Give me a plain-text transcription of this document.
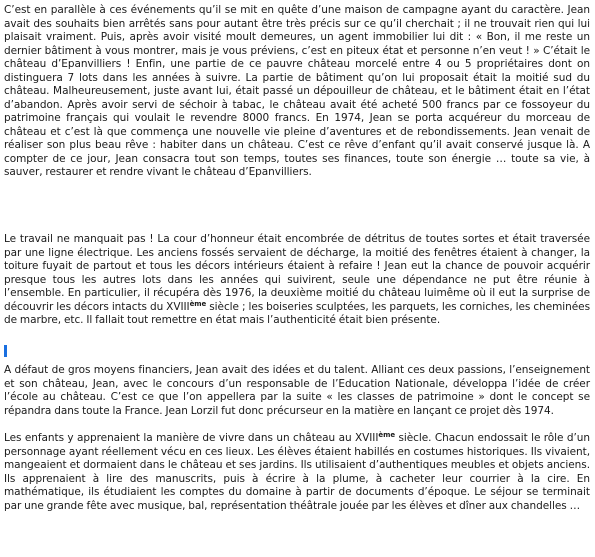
C’est en parallèle à ces événements qu’il se mit en quête d’une maison de campagne ayant du caractère. Jean avait des souhaits bien arrêtés sans pour autant être très précis sur ce qu’il cherchait ; il ne trouvait rien qui lui plaisait vraiment. Puis, après avoir visité moult demeures, un agent immobilier lui dit : « Bon, il me reste un dernier bâtiment à vous montrer, mais je vous préviens, c’est en piteux état et personne n’en veut ! » C’était le château d’Epanvilliers ! Enfin, une partie de ce pauvre château morcelé entre 4 ou 5 propriétaires dont on distinguera 7 lots dans les années à suivre. La partie de bâtiment qu’on lui proposait était la moitié sud du château. Malheureusement, juste avant lui, était passé un dépouilleur de château, et le bâtiment était en l’état d’abandon. Après avoir servi de séchoir à tabac, le château avait été acheté 500 francs par ce fossoyeur du patrimoine français qui voulait le revendre 8000 francs. En 1974, Jean se porta acquéreur du morceau de château et c’est là que commença une nouvelle vie pleine d’aventures et de rebondissements. Jean venait de réaliser son plus beau rêve : habiter dans un château. C’est ce rêve d’enfant qu’il avait conservé jusque là. A compter de ce jour, Jean consacra tout son temps, toutes ses finances, toute son énergie … toute sa vie, à sauver, restaurer et rendre vivant le château d’Epanvilliers.

Le travail ne manquait pas ! La cour d’honneur était encombrée de détritus de toutes sortes et était traversée par une ligne électrique. Les anciens fossés servaient de décharge, la moitié des fenêtres étaient à changer, la toiture fuyait de partout et tous les décors intérieurs étaient à refaire ! Jean eut la chance de pouvoir acquérir presque tous les autres lots dans les années qui suivirent, seule une dépendance ne put être réunie à l’ensemble. En particulier, il récupéra dès 1976, la deuxième moitié du château luimême où il eut la surprise de découvrir les décors intacts du XVIIIème siècle ; les boiseries sculptées, les parquets, les corniches, les cheminées de marbre, etc. Il fallait tout remettre en état mais l’authenticité était bien présente.

A défaut de gros moyens financiers, Jean avait des idées et du talent. Alliant ces deux passions, l’enseignement et son château, Jean, avec le concours d’un responsable de l’Education Nationale, développa l’idée de créer l’école au château. C’est ce que l’on appellera par la suite « les classes de patrimoine » dont le concept se répandra dans toute la France. Jean Lorzil fut donc précurseur en la matière en lançant ce projet dès 1974.

Les enfants y apprenaient la manière de vivre dans un château au XVIIIème siècle. Chacun endossait le rôle d’un personnage ayant réellement vécu en ces lieux. Les élèves étaient habillés en costumes historiques. Ils vivaient, mangeaient et dormaient dans le château et ses jardins. Ils utilisaient d’authentiques meubles et objets anciens. Ils apprenaient à lire des manuscrits, puis à écrire à la plume, à cacheter leur courrier à la cire. En mathématique, ils étudiaient les comptes du domaine à partir de documents d’époque. Le séjour se terminait par une grande fête avec musique, bal, représentation théâtrale jouée par les élèves et dîner aux chandelles …
